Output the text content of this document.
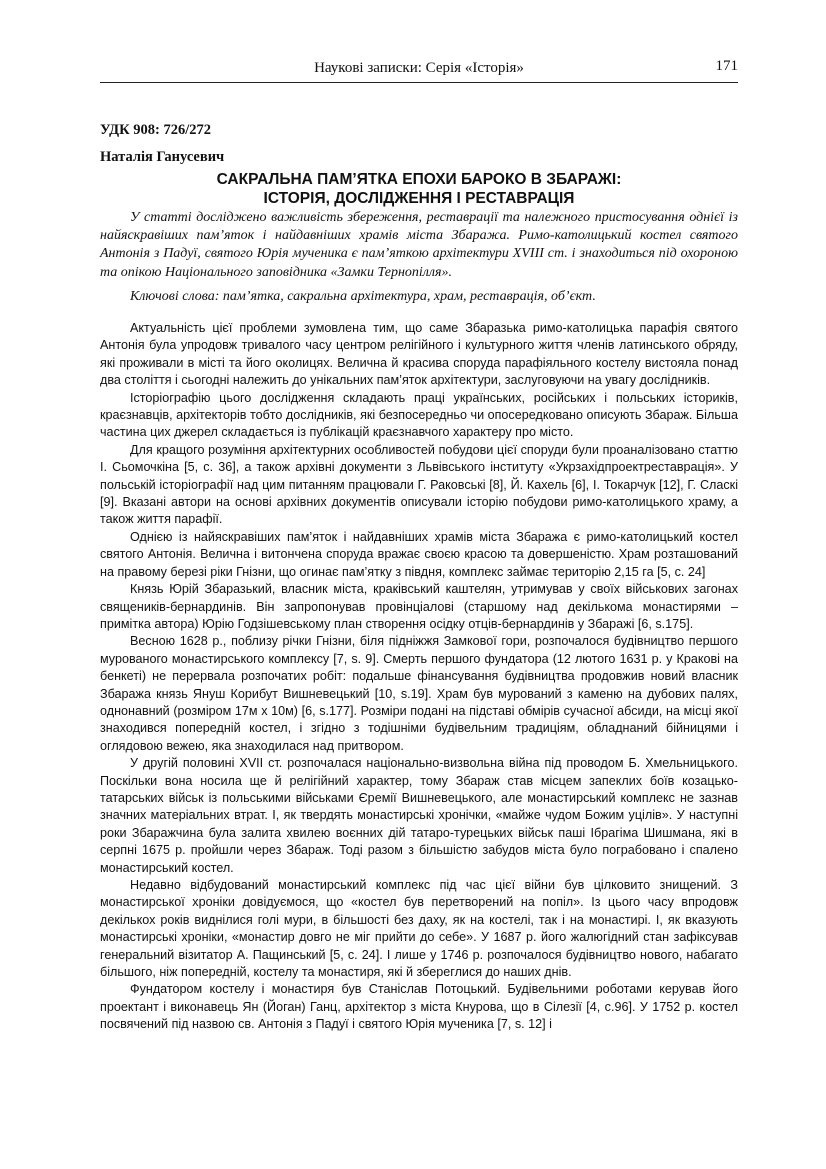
Наукові записки: Серія «Історія»	171
УДК 908: 726/272
Наталія Ганусевич
САКРАЛЬНА ПАМ’ЯТКА ЕПОХИ БАРОКО В ЗБАРАЖІ:
ІСТОРІЯ, ДОСЛІДЖЕННЯ І РЕСТАВРАЦІЯ

У статті досліджено важливість збереження, реставрації та належного пристосування однієї із найяскравіших пам’яток і найдавніших храмів міста Збаража. Римо-католицький костел святого Антонія з Падуї, святого Юрія мученика є пам’яткою архітектури XVIII ст. і знаходиться під охороною та опікою Національного заповідника «Замки Тернопілля».

Ключові слова: пам’ятка, сакральна архітектура, храм, реставрація, об’єкт.

Актуальність цієї проблеми зумовлена тим, що саме Збаразька римо-католицька парафія святого Антонія була упродовж тривалого часу центром релігійного і культурного життя членів латинського обряду, які проживали в місті та його околицях. Велична й красива споруда парафіяльного костелу вистояла понад два століття і сьогодні належить до унікальних пам’яток архітектури, заслуговуючи на увагу дослідників.

Історіографію цього дослідження складають праці українських, російських і польських істориків, краєзнавців, архітекторів тобто дослідників, які безпосередньо чи опосередковано описують Збараж. Більша частина цих джерел складається із публікацій краєзнавчого характеру про місто.

Для кращого розуміння архітектурних особливостей побудови цієї споруди були проаналізовано статтю І. Сьомочкіна [5, с. 36], а також архівні документи з Львівського інституту «Укрзахідпроектреставрація». У польській історіографії над цим питанням працювали Г. Раковські [8], Й. Кахель [6], І. Токарчук [12], Г. Сласкі [9]. Вказані автори на основі архівних документів описували історію побудови римо-католицького храму, а також життя парафії.

Однією із найяскравіших пам’яток і найдавніших храмів міста Збаража є римо-католицький костел святого Антонія. Велична і витончена споруда вражає своєю красою та довершеністю. Храм розташований на правому березі ріки Гнізни, що огинає пам’ятку з півдня, комплекс займає територію 2,15 га [5, с. 24]

Князь Юрій Збаразький, власник міста, краківський каштелян, утримував у своїх військових загонах священиків-бернардинів. Він запропонував провінціалові (старшому над декількома монастирями – примітка автора) Юрію Годзішевському план створення осідку отців-бернардинів у Збаражі [6, s.175].

Весною 1628 р., поблизу річки Гнізни, біля підніжжя Замкової гори, розпочалося будівництво першого мурованого монастирського комплексу [7, s. 9]. Смерть першого фундатора (12 лютого 1631 р. у Кракові на бенкеті) не перервала розпочатих робіт: подальше фінансування будівництва продовжив новий власник Збаража князь Януш Корибут Вишневецький [10, s.19]. Храм був мурований з каменю на дубових палях, однонавний (розміром 17м х 10м) [6, s.177]. Розміри подані на підставі обмірів сучасної абсиди, на місці якої знаходився попередній костел, і згідно з тодішніми будівельним традиціям, обладнаний бійницями і оглядовою вежею, яка знаходилася над притвором.

У другій половині XVII ст. розпочалася національно-визвольна війна під проводом Б. Хмельницького. Поскільки вона носила ще й релігійний характер, тому Збараж став місцем запеклих боїв козацько-татарських військ із польськими військами Єремії Вишневецького, але монастирський комплекс не зазнав значних матеріальних втрат. І, як твердять монастирські хронічки, «майже чудом Божим уцілів». У наступні роки Збаражчина була залита хвилею воєнних дій татаро-турецьких військ паші Ібрагіма Шишмана, які в серпні 1675 р. пройшли через Збараж. Тоді разом з більшістю забудов міста було пограбовано і спалено монастирський костел.

Недавно відбудований монастирський комплекс під час цієї війни був цілковито знищений. З монастирської хроніки довідуємося, що «костел був перетворений на попіл». Із цього часу впродовж декількох років виднілися голі мури, в більшості без даху, як на костелі, так і на монастирі. І, як вказують монастирські хроніки, «монастир довго не міг прийти до себе». У 1687 р. його жалюгідний стан зафіксував генеральний візитатор А. Пащинський [5, с. 24]. І лише у 1746 р. розпочалося будівництво нового, набагато більшого, ніж попередній, костелу та монастиря, які й збереглися до наших днів.

Фундатором костелу і монастиря був Станіслав Потоцький. Будівельними роботами керував його проектант і виконавець Ян (Йоган) Ганц, архітектор з міста Кнурова, що в Сілезії [4, с.96]. У 1752 р. костел посвячений під назвою св. Антонія з Падуї і святого Юрія мученика [7, s. 12] і
